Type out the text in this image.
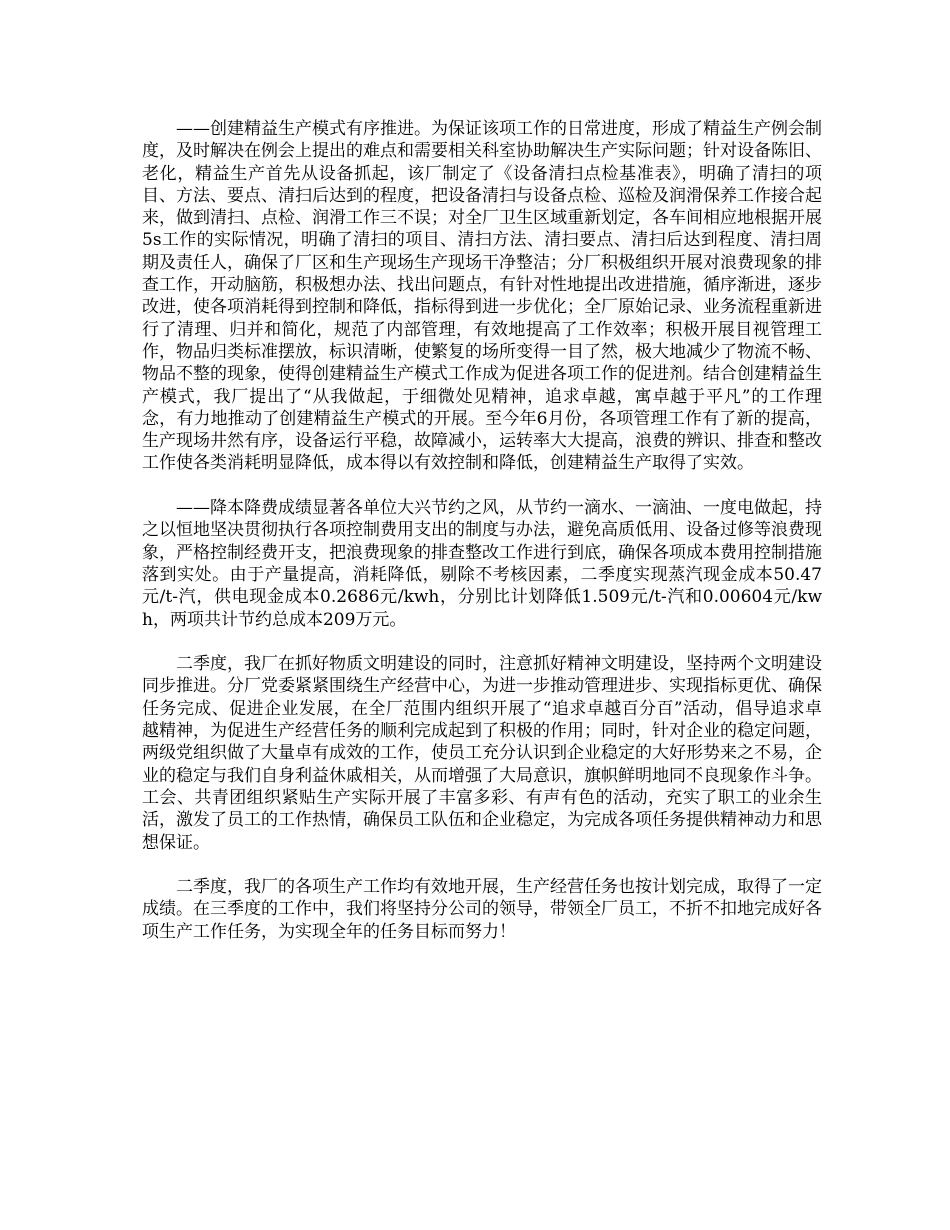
——创建精益生产模式有序推进。为保证该项工作的日常进度，形成了精益生产例会制度，及时解决在例会上提出的难点和需要相关科室协助解决生产实际问题；针对设备陈旧、老化，精益生产首先从设备抓起，该厂制定了《设备清扫点检基准表》，明确了清扫的项目、方法、要点、清扫后达到的程度，把设备清扫与设备点检、巡检及润滑保养工作接合起来，做到清扫、点检、润滑工作三不误；对全厂卫生区域重新划定，各车间相应地根据开展5s工作的实际情况，明确了清扫的项目、清扫方法、清扫要点、清扫后达到程度、清扫周期及责任人，确保了厂区和生产现场生产现场干净整洁；分厂积极组织开展对浪费现象的排查工作，开动脑筋，积极想办法、找出问题点，有针对性地提出改进措施，循序渐进，逐步改进，使各项消耗得到控制和降低，指标得到进一步优化；全厂原始记录、业务流程重新进行了清理、归并和简化，规范了内部管理，有效地提高了工作效率；积极开展目视管理工作，物品归类标准摆放，标识清晰，使繁复的场所变得一目了然，极大地减少了物流不畅、物品不整的现象，使得创建精益生产模式工作成为促进各项工作的促进剂。结合创建精益生产模式，我厂提出了“从我做起，于细微处见精神，追求卓越，寓卓越于平凡”的工作理念，有力地推动了创建精益生产模式的开展。至今年6月份，各项管理工作有了新的提高，生产现场井然有序，设备运行平稳，故障减小，运转率大大提高，浪费的辨识、排查和整改工作使各类消耗明显降低，成本得以有效控制和降低，创建精益生产取得了实效。

——降本降费成绩显著各单位大兴节约之风，从节约一滴水、一滴油、一度电做起，持之以恒地坚决贯彻执行各项控制费用支出的制度与办法，避免高质低用、设备过修等浪费现象，严格控制经费开支，把浪费现象的排查整改工作进行到底，确保各项成本费用控制措施落到实处。由于产量提高，消耗降低，剔除不考核因素，二季度实现蒸汽现金成本50.47元/t-汽，供电现金成本0.2686元/kwh，分别比计划降低1.509元/t-汽和0.00604元/kwh，两项共计节约总成本209万元。

二季度，我厂在抓好物质文明建设的同时，注意抓好精神文明建设，坚持两个文明建设同步推进。分厂党委紧紧围绕生产经营中心，为进一步推动管理进步、实现指标更优、确保任务完成、促进企业发展，在全厂范围内组织开展了“追求卓越百分百”活动，倡导追求卓越精神，为促进生产经营任务的顺利完成起到了积极的作用；同时，针对企业的稳定问题，两级党组织做了大量卓有成效的工作，使员工充分认识到企业稳定的大好形势来之不易，企业的稳定与我们自身利益休戚相关，从而增强了大局意识，旗帜鲜明地同不良现象作斗争。工会、共青团组织紧贴生产实际开展了丰富多彩、有声有色的活动，充实了职工的业余生活，激发了员工的工作热情，确保员工队伍和企业稳定，为完成各项任务提供精神动力和思想保证。

二季度，我厂的各项生产工作均有效地开展，生产经营任务也按计划完成，取得了一定成绩。在三季度的工作中，我们将坚持分公司的领导，带领全厂员工，不折不扣地完成好各项生产工作任务，为实现全年的任务目标而努力！
